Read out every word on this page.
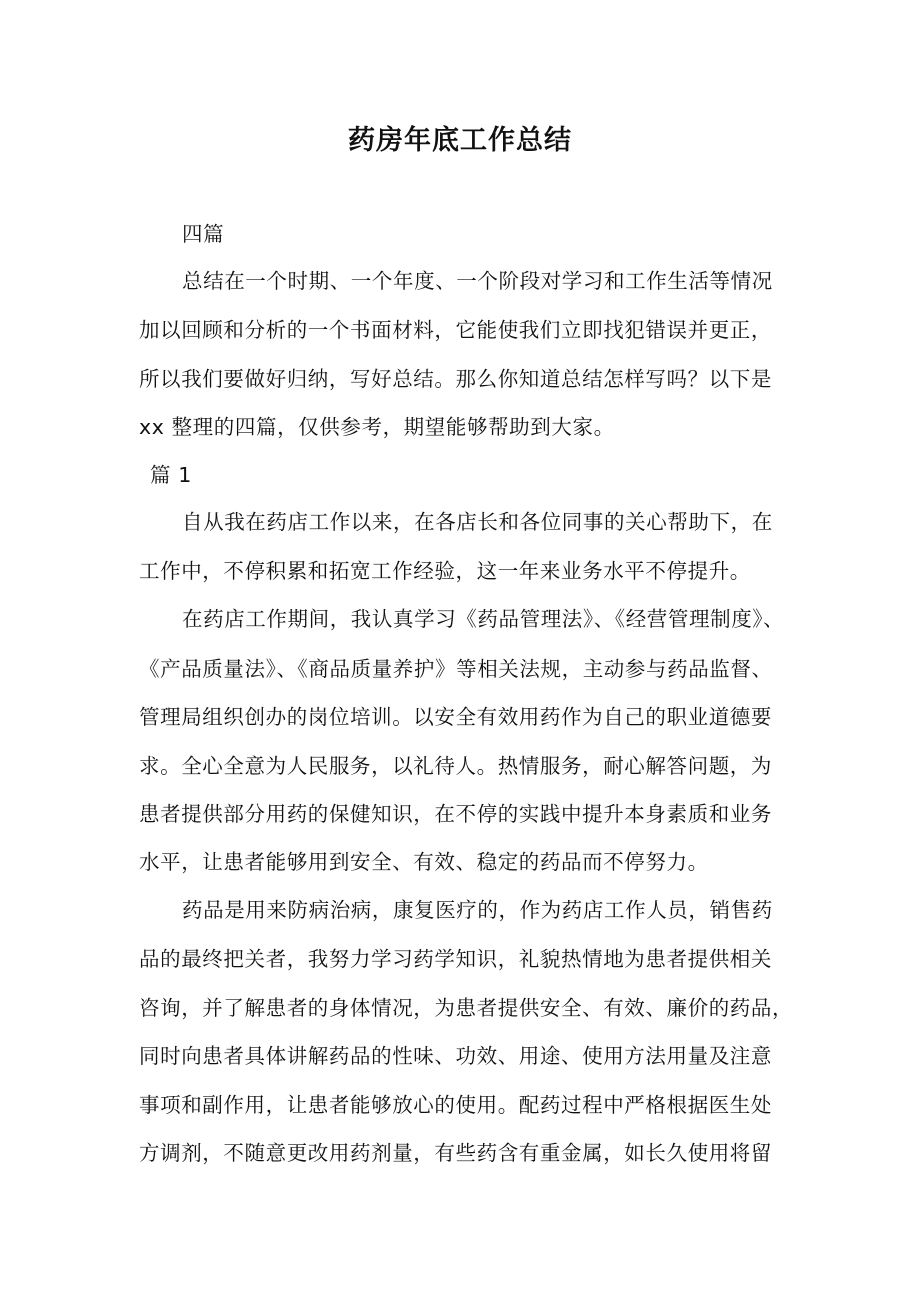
药房年底工作总结
四篇
总结在一个时期、一个年度、一个阶段对学习和工作生活等情况
加以回顾和分析的一个书面材料，它能使我们立即找犯错误并更正，
所以我们要做好归纳，写好总结。那么你知道总结怎样写吗？以下是
xx 整理的四篇，仅供参考，期望能够帮助到大家。
篇 1
自从我在药店工作以来，在各店长和各位同事的关心帮助下，在
工作中，不停积累和拓宽工作经验，这一年来业务水平不停提升。
在药店工作期间，我认真学习《药品管理法》、《经营管理制度》、
《产品质量法》、《商品质量养护》等相关法规，主动参与药品监督、
管理局组织创办的岗位培训。以安全有效用药作为自己的职业道德要
求。全心全意为人民服务，以礼待人。热情服务，耐心解答问题，为
患者提供部分用药的保健知识，在不停的实践中提升本身素质和业务
水平，让患者能够用到安全、有效、稳定的药品而不停努力。
药品是用来防病治病，康复医疗的，作为药店工作人员，销售药
品的最终把关者，我努力学习药学知识，礼貌热情地为患者提供相关
咨询，并了解患者的身体情况，为患者提供安全、有效、廉价的药品，
同时向患者具体讲解药品的性味、功效、用途、使用方法用量及注意
事项和副作用，让患者能够放心的使用。配药过程中严格根据医生处
方调剂，不随意更改用药剂量，有些药含有重金属，如长久使用将留
